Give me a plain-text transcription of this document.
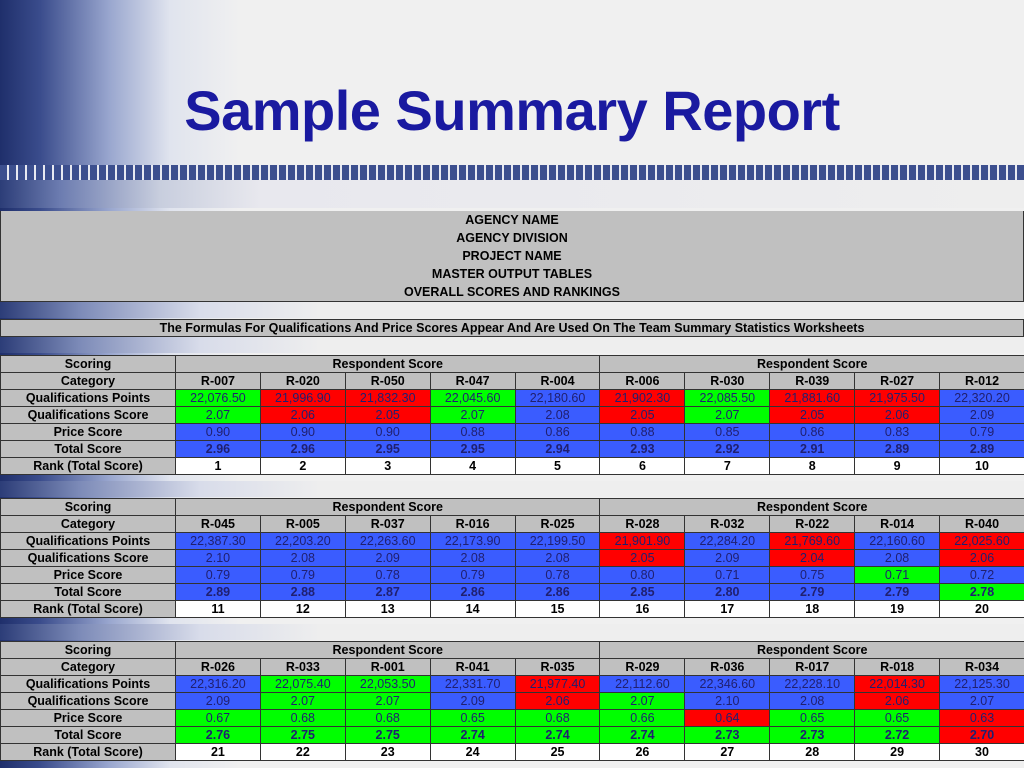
Sample Summary Report
AGENCY NAME
AGENCY DIVISION
PROJECT NAME
MASTER OUTPUT TABLES
OVERALL SCORES AND RANKINGS
The Formulas For Qualifications And Price Scores Appear And Are Used On The Team Summary Statistics Worksheets
Scoring	Respondent Score					Respondent Score				
Category	R-007	R-020	R-050	R-047	R-004	R-006	R-030	R-039	R-027	R-012
Qualifications Points	22,076.50	21,996.90	21,832.30	22,045.60	22,180.60	21,902.30	22,085.50	21,881.60	21,975.50	22,320.20
Qualifications Score	2.07	2.06	2.05	2.07	2.08	2.05	2.07	2.05	2.06	2.09
Price Score	0.90	0.90	0.90	0.88	0.86	0.88	0.85	0.86	0.83	0.79
Total Score	2.96	2.96	2.95	2.95	2.94	2.93	2.92	2.91	2.89	2.89
Rank (Total Score)	1	2	3	4	5	6	7	8	9	10
Scoring	Respondent Score					Respondent Score				
Category	R-045	R-005	R-037	R-016	R-025	R-028	R-032	R-022	R-014	R-040
Qualifications Points	22,387.30	22,203.20	22,263.60	22,173.90	22,199.50	21,901.90	22,284.20	21,769.60	22,160.60	22,025.60
Qualifications Score	2.10	2.08	2.09	2.08	2.08	2.05	2.09	2.04	2.08	2.06
Price Score	0.79	0.79	0.78	0.79	0.78	0.80	0.71	0.75	0.71	0.72
Total Score	2.89	2.88	2.87	2.86	2.86	2.85	2.80	2.79	2.79	2.78
Rank (Total Score)	11	12	13	14	15	16	17	18	19	20
Scoring	Respondent Score					Respondent Score				
Category	R-026	R-033	R-001	R-041	R-035	R-029	R-036	R-017	R-018	R-034
Qualifications Points	22,316.20	22,075.40	22,053.50	22,331.70	21,977.40	22,112.60	22,346.60	22,228.10	22,014.30	22,125.30
Qualifications Score	2.09	2.07	2.07	2.09	2.06	2.07	2.10	2.08	2.06	2.07
Price Score	0.67	0.68	0.68	0.65	0.68	0.66	0.64	0.65	0.65	0.63
Total Score	2.76	2.75	2.75	2.74	2.74	2.74	2.73	2.73	2.72	2.70
Rank (Total Score)	21	22	23	24	25	26	27	28	29	30
